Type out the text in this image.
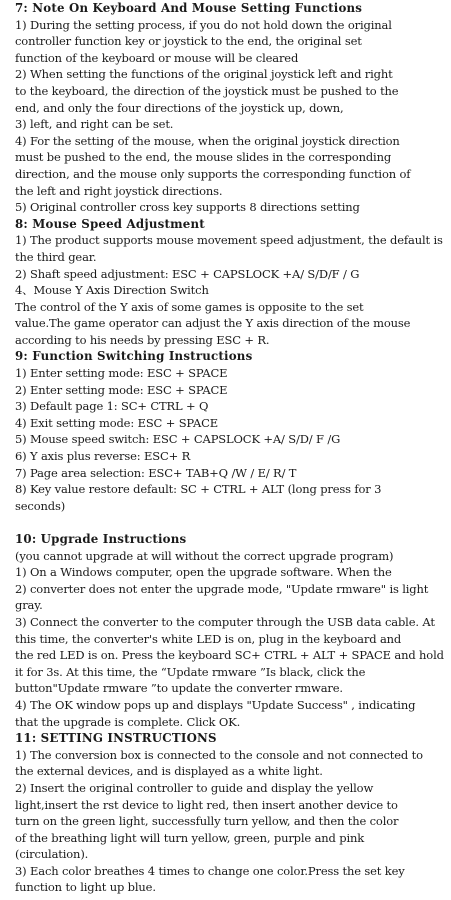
7: Note On Keyboard And Mouse Setting Functions
1) During the setting process, if you do not hold down the original
controller function key or joystick to the end, the original set
function of the keyboard or mouse will be cleared
2) When setting the functions of the original joystick left and right
to the keyboard, the direction of the joystick must be pushed to the
end, and only the four directions of the joystick up, down,
3) left, and right can be set.
4) For the setting of the mouse, when the original joystick direction
must be pushed to the end, the mouse slides in the corresponding
direction, and the mouse only supports the corresponding function of
the left and right joystick directions.
5) Original controller cross key supports 8 directions setting
8: Mouse Speed Adjustment
1) The product supports mouse movement speed adjustment, the default is
the third gear.
2) Shaft speed adjustment: ESC + CAPSLOCK +A/ S/D/F / G
4、Mouse Y Axis Direction Switch
The control of the Y axis of some games is opposite to the set
value.The game operator can adjust the Y axis direction of the mouse
according to his needs by pressing ESC + R.
9: Function Switching Instructions
1) Enter setting mode: ESC + SPACE
2) Enter setting mode: ESC + SPACE
3) Default page 1: SC+ CTRL + Q
4) Exit setting mode: ESC + SPACE
5) Mouse speed switch: ESC + CAPSLOCK +A/ S/D/ F /G
6) Y axis plus reverse: ESC+ R
7) Page area selection: ESC+ TAB+Q /W / E/ R/ T
8) Key value restore default: SC + CTRL + ALT (long press for 3
seconds)
10: Upgrade Instructions
(you cannot upgrade at will without the correct upgrade program)
1) On a Windows computer, open the upgrade software. When the
2) converter does not enter the upgrade mode, "Update rmware" is light
gray.
3) Connect the converter to the computer through the USB data cable. At
this time, the converter's white LED is on, plug in the keyboard and
the red LED is on. Press the keyboard SC+ CTRL + ALT + SPACE and hold
it for 3s. At this time, the “Update rmware ”Is black, click the
button"Update rmware ”to update the converter rmware.
4) The OK window pops up and displays "Update Success" , indicating
that the upgrade is complete. Click OK.
11: SETTING INSTRUCTIONS
1) The conversion box is connected to the console and not connected to
the external devices, and is displayed as a white light.
2) Insert the original controller to guide and display the yellow
light,insert the rst device to light red, then insert another device to
turn on the green light, successfully turn yellow, and then the color
of the breathing light will turn yellow, green, purple and pink
(circulation).
3) Each color breathes 4 times to change one color.Press the set key
function to light up blue.
